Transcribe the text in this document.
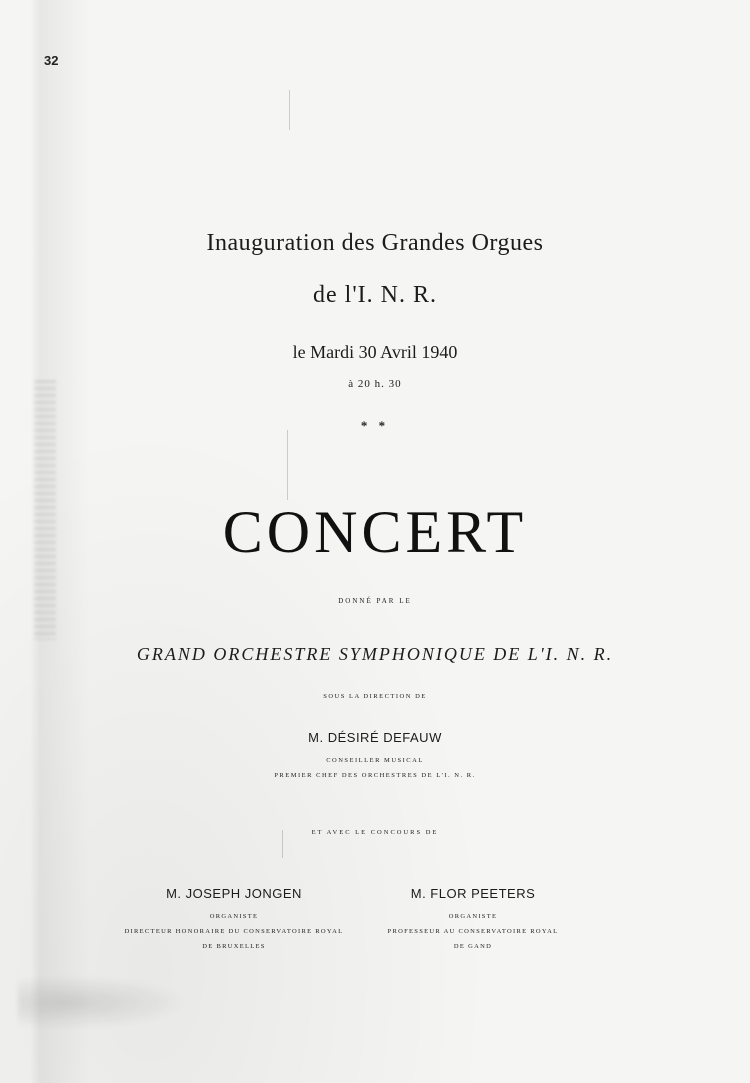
32
Inauguration des Grandes Orgues
de l'I. N. R.
le Mardi 30 Avril 1940
à 20 h. 30
* *
CONCERT
DONNÉ PAR LE
GRAND ORCHESTRE SYMPHONIQUE DE L'I. N. R.
SOUS LA DIRECTION DE
M. DÉSIRÉ DEFAUW
CONSEILLER MUSICAL
PREMIER CHEF DES ORCHESTRES DE L'I. N. R.
ET AVEC LE CONCOURS DE
M. JOSEPH JONGEN
ORGANISTE
DIRECTEUR HONORAIRE DU CONSERVATOIRE ROYAL
DE BRUXELLES
M. FLOR PEETERS
ORGANISTE
PROFESSEUR AU CONSERVATOIRE ROYAL
DE GAND
